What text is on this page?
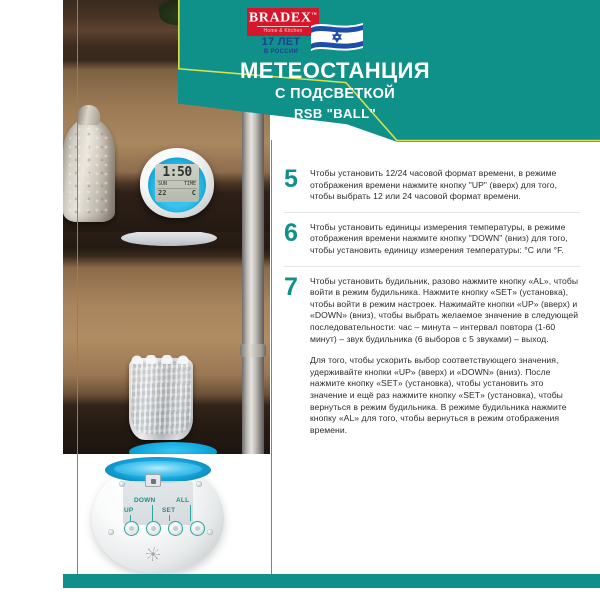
1:50
SUN	TIME
22	C
UP
DOWN
SET
ALL
BRADEX™
Home & Kitchen
17 ЛЕТ
В РОССИИ
МЕТЕОСТАНЦИЯ
С ПОДСВЕТКОЙ
RSB "BALL"
5	Чтобы установить 12/24 часовой формат времени, в режиме отображения времени нажмите кнопку "UP" (вверх) для того, чтобы выбрать 12 или 24 часовой формат времени.
6	Чтобы установить единицы измерения температуры, в режиме отображения времени нажмите кнопку "DOWN" (вниз) для того, чтобы установить единицу измерения температуры: °C или °F.
7	Чтобы установить будильник, разово нажмите кнопку «AL», чтобы войти в режим будильника. Нажмите кнопку «SET» (установка), чтобы войти в режим настроек. Нажимайте кнопки «UP» (вверх) и «DOWN» (вниз), чтобы выбрать желаемое значение в следующей последовательности: час – минута – интервал повтора (1-60 минут) – звук будильника (6 выборов с 5 звуками) – выход.
Для того, чтобы ускорить выбор соответствующего значения, удерживайте кнопки «UP» (вверх) и «DOWN» (вниз). После нажмите кнопку «SET» (установка), чтобы установить это значение и ещё раз нажмите кнопку «SET» (установка), чтобы вернуться в режим будильника. В режиме будильника нажмите кнопку «AL» для того, чтобы вернуться в режим отображения времени.
